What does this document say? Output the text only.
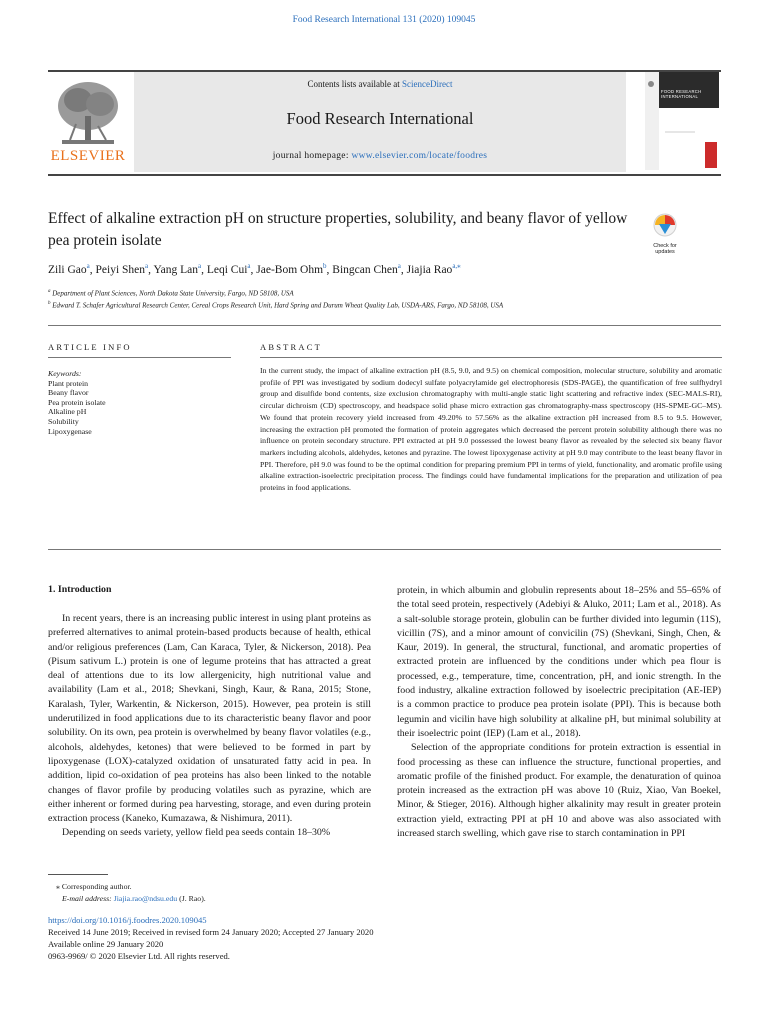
Food Research International 131 (2020) 109045
ELSEVIER
Contents lists available at ScienceDirect
Food Research International
journal homepage: www.elsevier.com/locate/foodres
FOOD RESEARCH
INTERNATIONAL
Effect of alkaline extraction pH on structure properties, solubility, and beany flavor of yellow pea protein isolate	Check for
updates
Zili Gao$^a$, Peiyi Shen$^a$, Yang Lan$^a$, Leqi Cui$^a$, Jae-Bom Ohm$^b$, Bingcan Chen$^a$, Jiajia Rao$^{a,⁎}$
$^a$ Department of Plant Sciences, North Dakota State University, Fargo, ND 58108, USA
$^b$ Edward T. Schafer Agricultural Research Center, Cereal Crops Research Unit, Hard Spring and Durum Wheat Quality Lab, USDA-ARS, Fargo, ND 58108, USA
ARTICLE INFO
Keywords:
Plant protein
Beany flavor
Pea protein isolate
Alkaline pH
Solubility
Lipoxygenase
ABSTRACT
In the current study, the impact of alkaline extraction pH (8.5, 9.0, and 9.5) on chemical composition, molecular structure, solubility and aromatic profile of PPI was investigated by sodium dodecyl sulfate polyacrylamide gel electrophoresis (SDS-PAGE), the quantification of free sulfhydryl group and disulfide bond contents, size exclusion chromatography with multi-angle static light scattering and refractive index (SEC-MALS-RI), circular dichroism (CD) spectroscopy, and headspace solid phase micro extraction gas chromatography-mass spectroscopy (HS-SPME-GC–MS). We found that protein recovery yield increased from 49.20% to 57.56% as the alkaline extraction pH increased from 8.5 to 9.5. However, increasing the extraction pH promoted the formation of protein aggregates which decreased the percent protein solubility although there was no influence on protein secondary structure. PPI extracted at pH 9.0 possessed the lowest beany flavor as revealed by the selected six beany flavor markers including alcohols, aldehydes, ketones and pyrazine. The lowest lipoxygenase activity at pH 9.0 may contribute to the least beany flavor in PPI. Therefore, pH 9.0 was found to be the optimal condition for preparing premium PPI in terms of yield, functionality, and aromatic profile using alkaline extraction-isoelectric precipitation process. The findings could have fundamental implications for the preparation and utilization of pea proteins in food applications.
1. Introduction

In recent years, there is an increasing public interest in using plant proteins as preferred alternatives to animal protein-based products because of health, ethical and/or religious preferences (Lam, Can Karaca, Tyler, & Nickerson, 2018). Pea (Pisum sativum L.) protein is one of legume proteins that has attracted a great deal of attentions due to its low allergenicity, high nutritional value and availability (Lam et al., 2018; Shevkani, Singh, Kaur, & Rana, 2015; Stone, Karalash, Tyler, Warkentin, & Nickerson, 2015). However, pea protein is still underutilized in food applications due to its characteristic beany flavor and poor solubility. On its own, pea protein is overwhelmed by beany flavor volatiles (e.g., alcohols, aldehydes, ketones) that were believed to be formed in part by lipoxygenase (LOX)-catalyzed oxidation of unsaturated fatty acid in pea. In addition, lipid co-oxidation of pea proteins has also been linked to the notable changes of flavor profile by producing volatiles such as pyrazine, which are either inherent or formed during pea harvesting, storage, and even during protein extraction process (Kaneko, Kumazawa, & Nishimura, 2011).

Depending on seeds variety, yellow field pea seeds contain 18–30%

protein, in which albumin and globulin represents about 18–25% and 55–65% of the total seed protein, respectively (Adebiyi & Aluko, 2011; Lam et al., 2018). As a salt-soluble storage protein, globulin can be further divided into legumin (11S), vicillin (7S), and a minor amount of convicilin (7S) (Shevkani, Singh, Chen, & Kaur, 2019). In general, the structural, functional, and aromatic properties of extracted protein are influenced by the conditions under which pea flour is processed, e.g., temperature, time, concentration, pH, and ionic strength. In the food industry, alkaline extraction followed by isoelectric precipitation (AE-IEP) is a common practice to produce pea protein isolate (PPI). This is because both legumin and vicilin have high solubility at alkaline pH, but minimal solubility at their isoelectric point (IEP) (Lam et al., 2018).

Selection of the appropriate conditions for protein extraction is essential in food processing as these can influence the structure, functional properties, and aromatic profile of the finished product. For example, the denaturation of quinoa protein increased as the extraction pH was above 10 (Ruiz, Xiao, Van Boekel, Minor, & Stieger, 2016). Although higher alkalinity may result in greater protein extraction yield, extracting PPI at pH 10 and above was also associated with increased starch swelling, which gave rise to starch contamination in PPI

⁎ Corresponding author.
E-mail address: Jiajia.rao@ndsu.edu (J. Rao).
https://doi.org/10.1016/j.foodres.2020.109045
Received 14 June 2019; Received in revised form 24 January 2020; Accepted 27 January 2020
Available online 29 January 2020
0963-9969/ © 2020 Elsevier Ltd. All rights reserved.
